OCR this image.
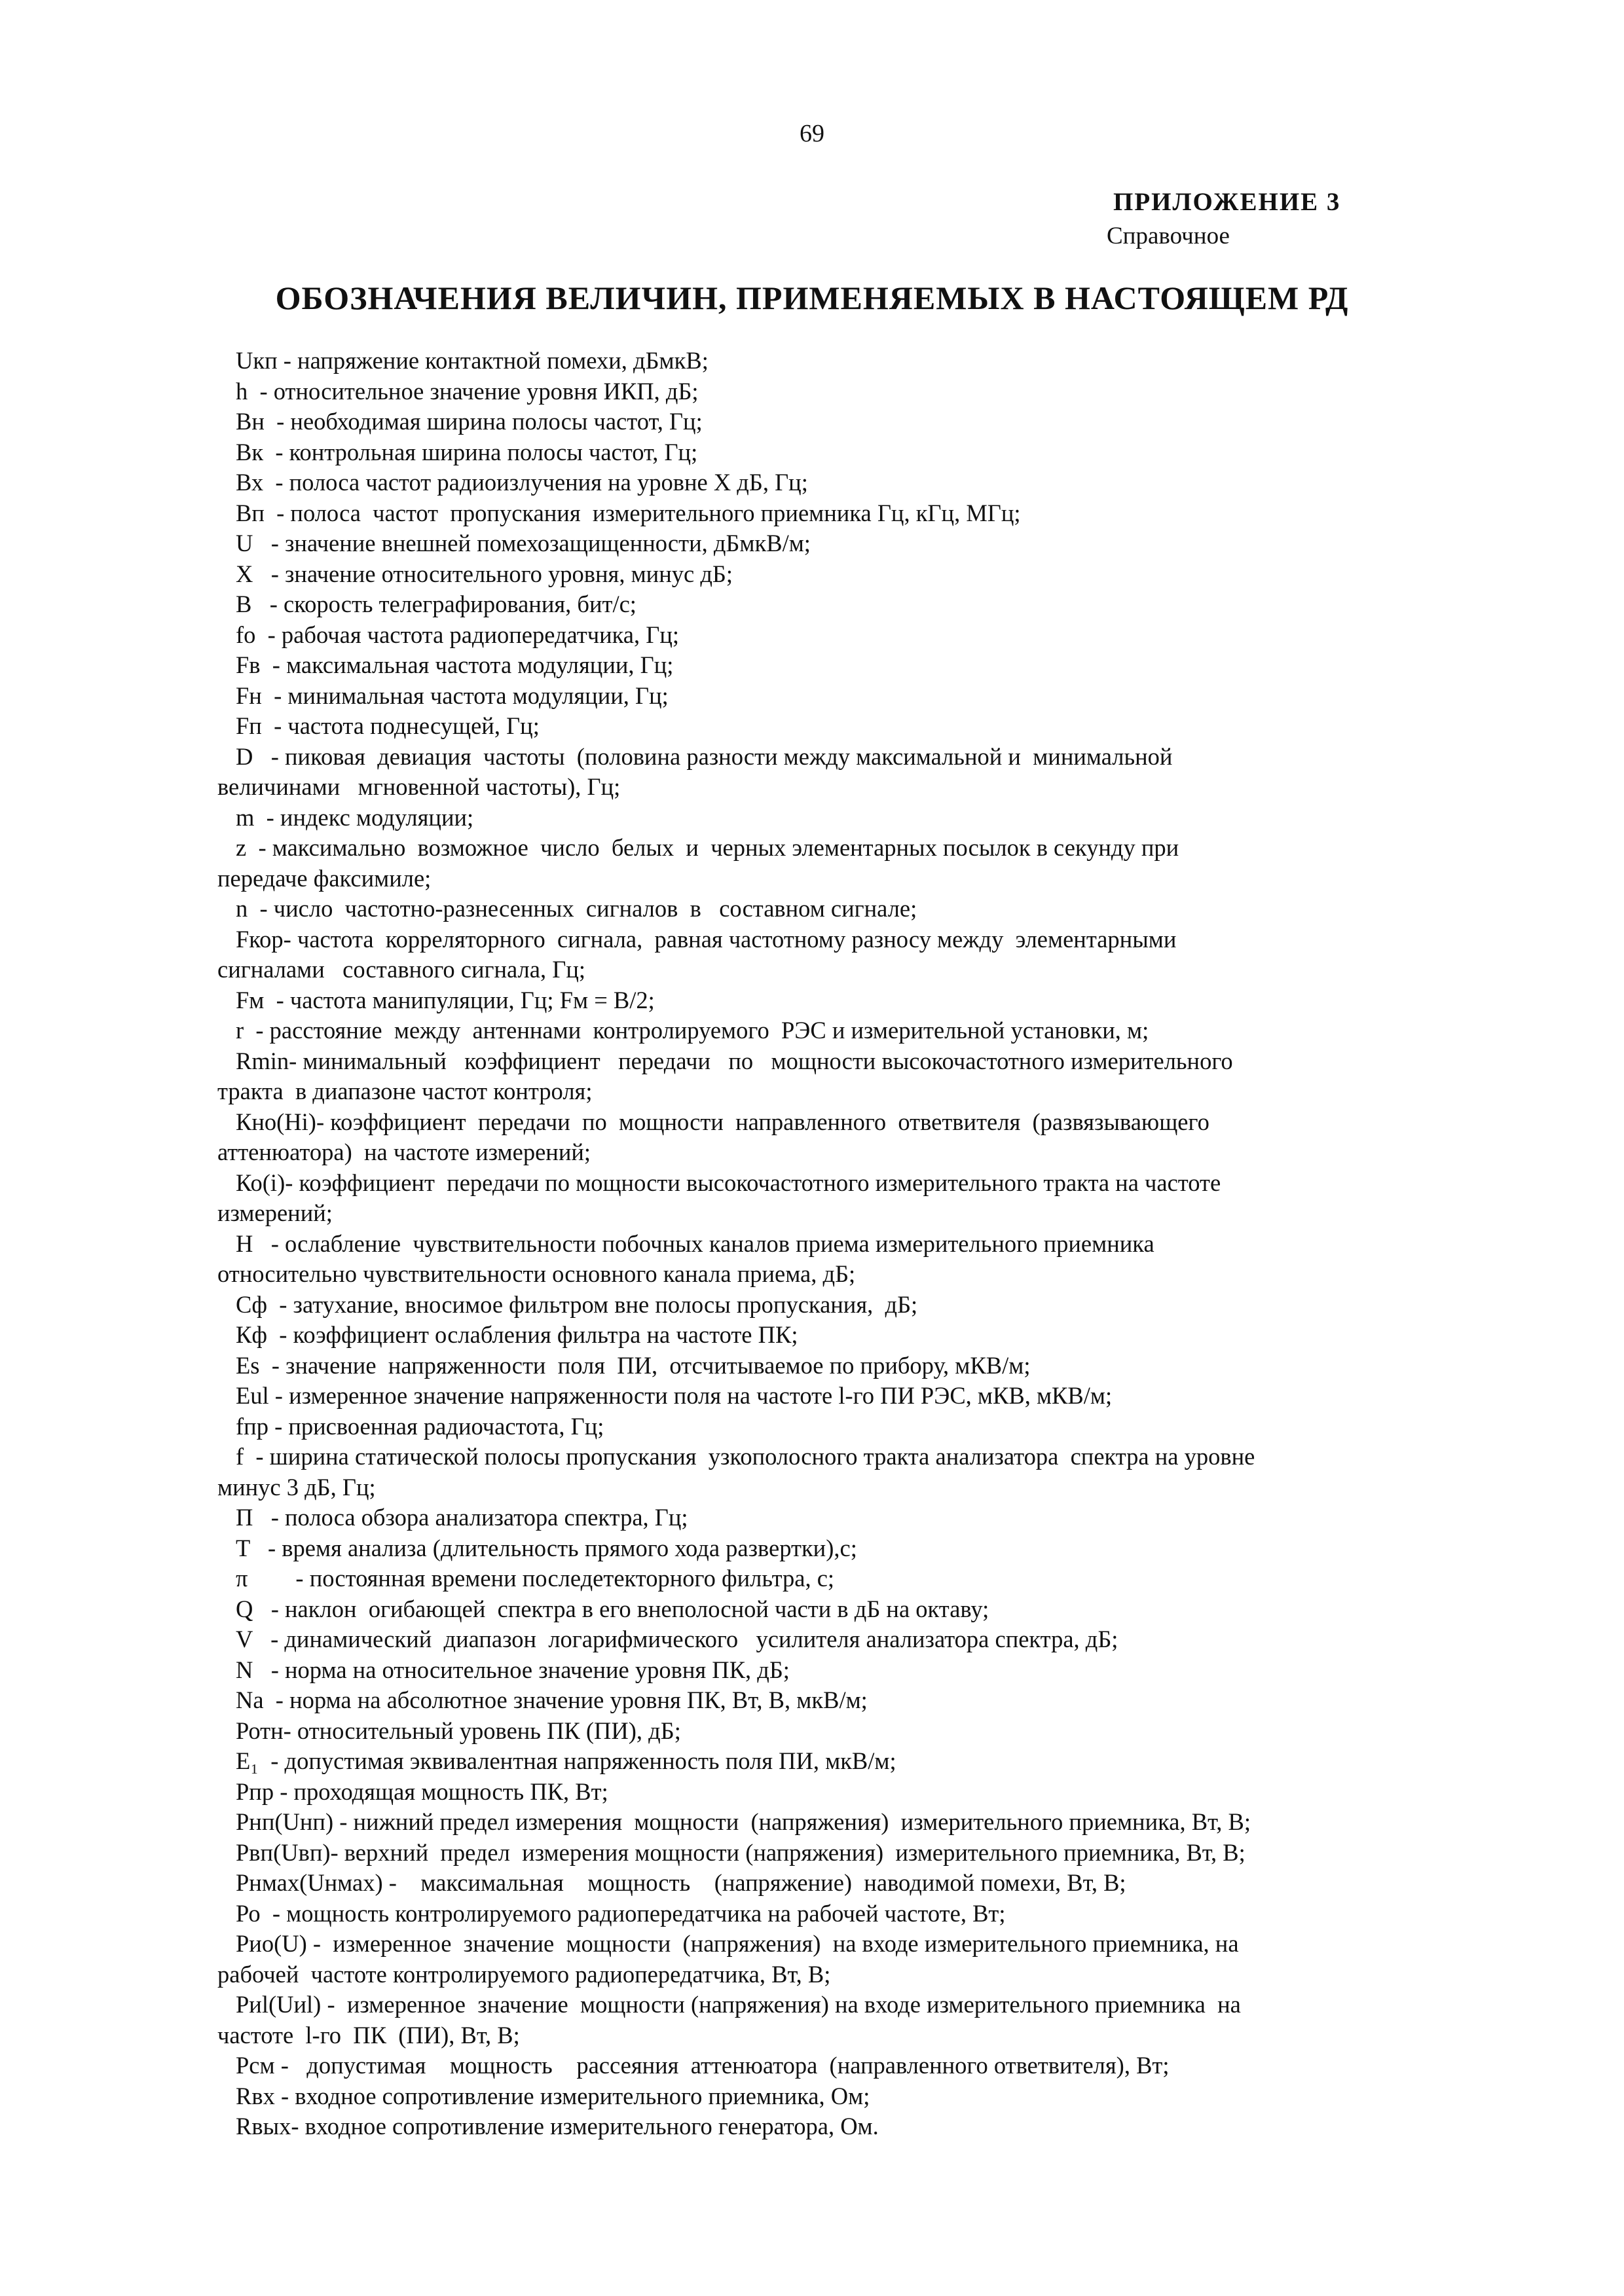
69
ПРИЛОЖЕНИЕ 3
Справочное
ОБОЗНАЧЕНИЯ ВЕЛИЧИН, ПРИМЕНЯЕМЫХ В НАСТОЯЩЕМ РД
Uкп - напряжение контактной помехи, дБмкВ;
h  - относительное значение уровня ИКП, дБ;
Вн  - необходимая ширина полосы частот, Гц;
Вк  - контрольная ширина полосы частот, Гц;
Вх  - полоса частот радиоизлучения на уровне X дБ, Гц;
Вп  - полоса  частот  пропускания  измерительного приемника Гц, кГц, МГц;
U   - значение внешней помехозащищенности, дБмкВ/м;
X   - значение относительного уровня, минус дБ;
B   - скорость телеграфирования, бит/с;
fo  - рабочая частота радиопередатчика, Гц;
Fв  - максимальная частота модуляции, Гц;
Fн  - минимальная частота модуляции, Гц;
Fп  - частота поднесущей, Гц;
D   - пиковая  девиация  частоты  (половина разности между максимальной и  минимальной
величинами   мгновенной частоты), Гц;
m  - индекс модуляции;
z  - максимально  возможное  число  белых  и  черных элементарных посылок в секунду при
передаче факсимиле;
n  - число  частотно-разнесенных  сигналов  в   составном сигнале;
Fкор- частота  корреляторного  сигнала,  равная частотному разносу между  элементарными
сигналами   составного сигнала, Гц;
Fм  - частота манипуляции, Гц; Fм = В/2;
r  - расстояние  между  антеннами  контролируемого  РЭС и измерительной установки, м;
Rmin- минимальный   коэффициент   передачи   по   мощности высокочастотного измерительного
тракта  в диапазоне частот контроля;
Кно(Нi)- коэффициент  передачи  по  мощности  направленного  ответвителя  (развязывающего
аттенюатора)  на частоте измерений;
Ко(i)- коэффициент  передачи по мощности высокочастотного измерительного тракта на частоте
измерений;
H   - ослабление  чувствительности побочных каналов приема измерительного приемника
относительно чувствительности основного канала приема, дБ;
Сф  - затухание, вносимое фильтром вне полосы пропускания,  дБ;
Кф  - коэффициент ослабления фильтра на частоте ПК;
Es  - значение  напряженности  поля  ПИ,  отсчитываемое по прибору, мКВ/м;
Eul - измеренное значение напряженности поля на частоте l-го ПИ РЭС, мКВ, мКВ/м;
fпр - присвоенная радиочастота, Гц;
f  - ширина статической полосы пропускания  узкополосного тракта анализатора  спектра на уровне
минус 3 дБ, Гц;
П   - полоса обзора анализатора спектра, Гц;
T   - время анализа (длительность прямого хода развертки),с;
π        - постоянная времени последетекторного фильтра, с;
Q   - наклон  огибающей  спектра в его внеполосной части в дБ на октаву;
V   - динамический  диапазон  логарифмического   усилителя анализатора спектра, дБ;
N   - норма на относительное значение уровня ПК, дБ;
Na  - норма на абсолютное значение уровня ПК, Вт, В, мкВ/м;
Ротн- относительный уровень ПК (ПИ), дБ;
E₁  - допустимая эквивалентная напряженность поля ПИ, мкВ/м;
Рпр - проходящая мощность ПК, Вт;
Рнп(Uнп) - нижний предел измерения  мощности  (напряжения)  измерительного приемника, Вт, В;
Рвп(Uвп)- верхний  предел  измерения мощности (напряжения)  измерительного приемника, Вт, В;
Рнмах(Uнмах) -    максимальная    мощность    (напряжение)  наводимой помехи, Вт, В;
Ро  - мощность контролируемого радиопередатчика на рабочей частоте, Вт;
Рио(U) -  измеренное  значение  мощности  (напряжения)  на входе измерительного приемника, на
рабочей  частоте контролируемого радиопередатчика, Вт, В;
Риl(Uиl) -  измеренное  значение  мощности (напряжения) на входе измерительного приемника  на
частоте  l-го  ПК  (ПИ), Вт, В;
Рсм -   допустимая    мощность    рассеяния  аттенюатора  (направленного ответвителя), Вт;
Rвх - входное сопротивление измерительного приемника, Ом;
Rвых- входное сопротивление измерительного генератора, Ом.
